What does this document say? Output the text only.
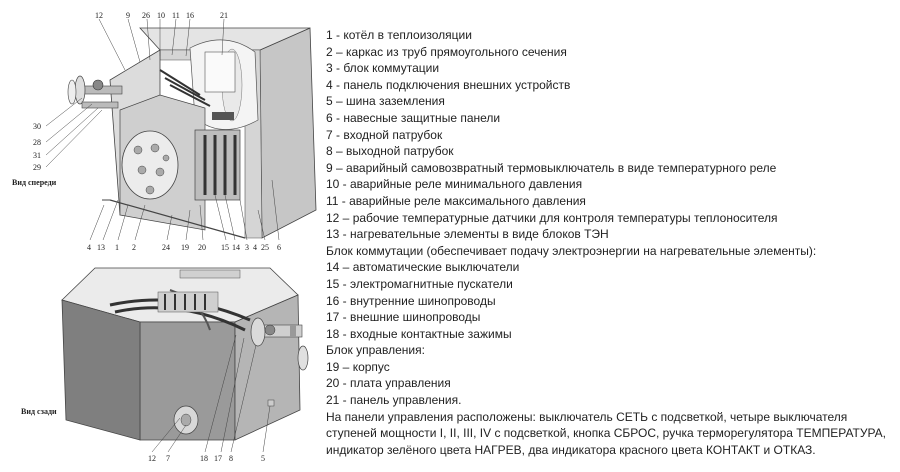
12	9 26 10 11 16	21
30
28
31
29
Вид спереди
4 13 1 2	24 19 20 15 14 3 4 25 6
Вид сзади
12 7	18 17 8	5
1 - котёл в теплоизоляции
2 – каркас из труб прямоугольного сечения
3 - блок коммутации
4 - панель подключения внешних устройств
5 – шина заземления
6 - навесные защитные панели
7 - входной патрубок
8 – выходной патрубок
9 – аварийный самовозвратный термовыключатель в виде температурного реле
10 - аварийные реле минимального давления
11 - аварийные реле максимального давления
12 – рабочие температурные датчики для контроля температуры теплоносителя
13 - нагревательные элементы в виде блоков ТЭН
Блок коммутации (обеспечивает подачу электроэнергии на нагревательные элементы):
14 – автоматические выключатели
15 - электромагнитные пускатели
16 - внутренние шинопроводы
17 - внешние шинопроводы
18 - входные контактные зажимы
Блок управления:
19 – корпус
20 - плата управления
21 - панель управления.
На панели управления расположены: выключатель СЕТЬ с подсветкой, четыре выключателя ступеней мощности I, II, III, IV с подсветкой, кнопка СБРОС, ручка терморегулятора ТЕМПЕРАТУРА, индикатор зелёного цвета НАГРЕВ, два индикатора красного цвета КОНТАКТ и ОТКАЗ.
